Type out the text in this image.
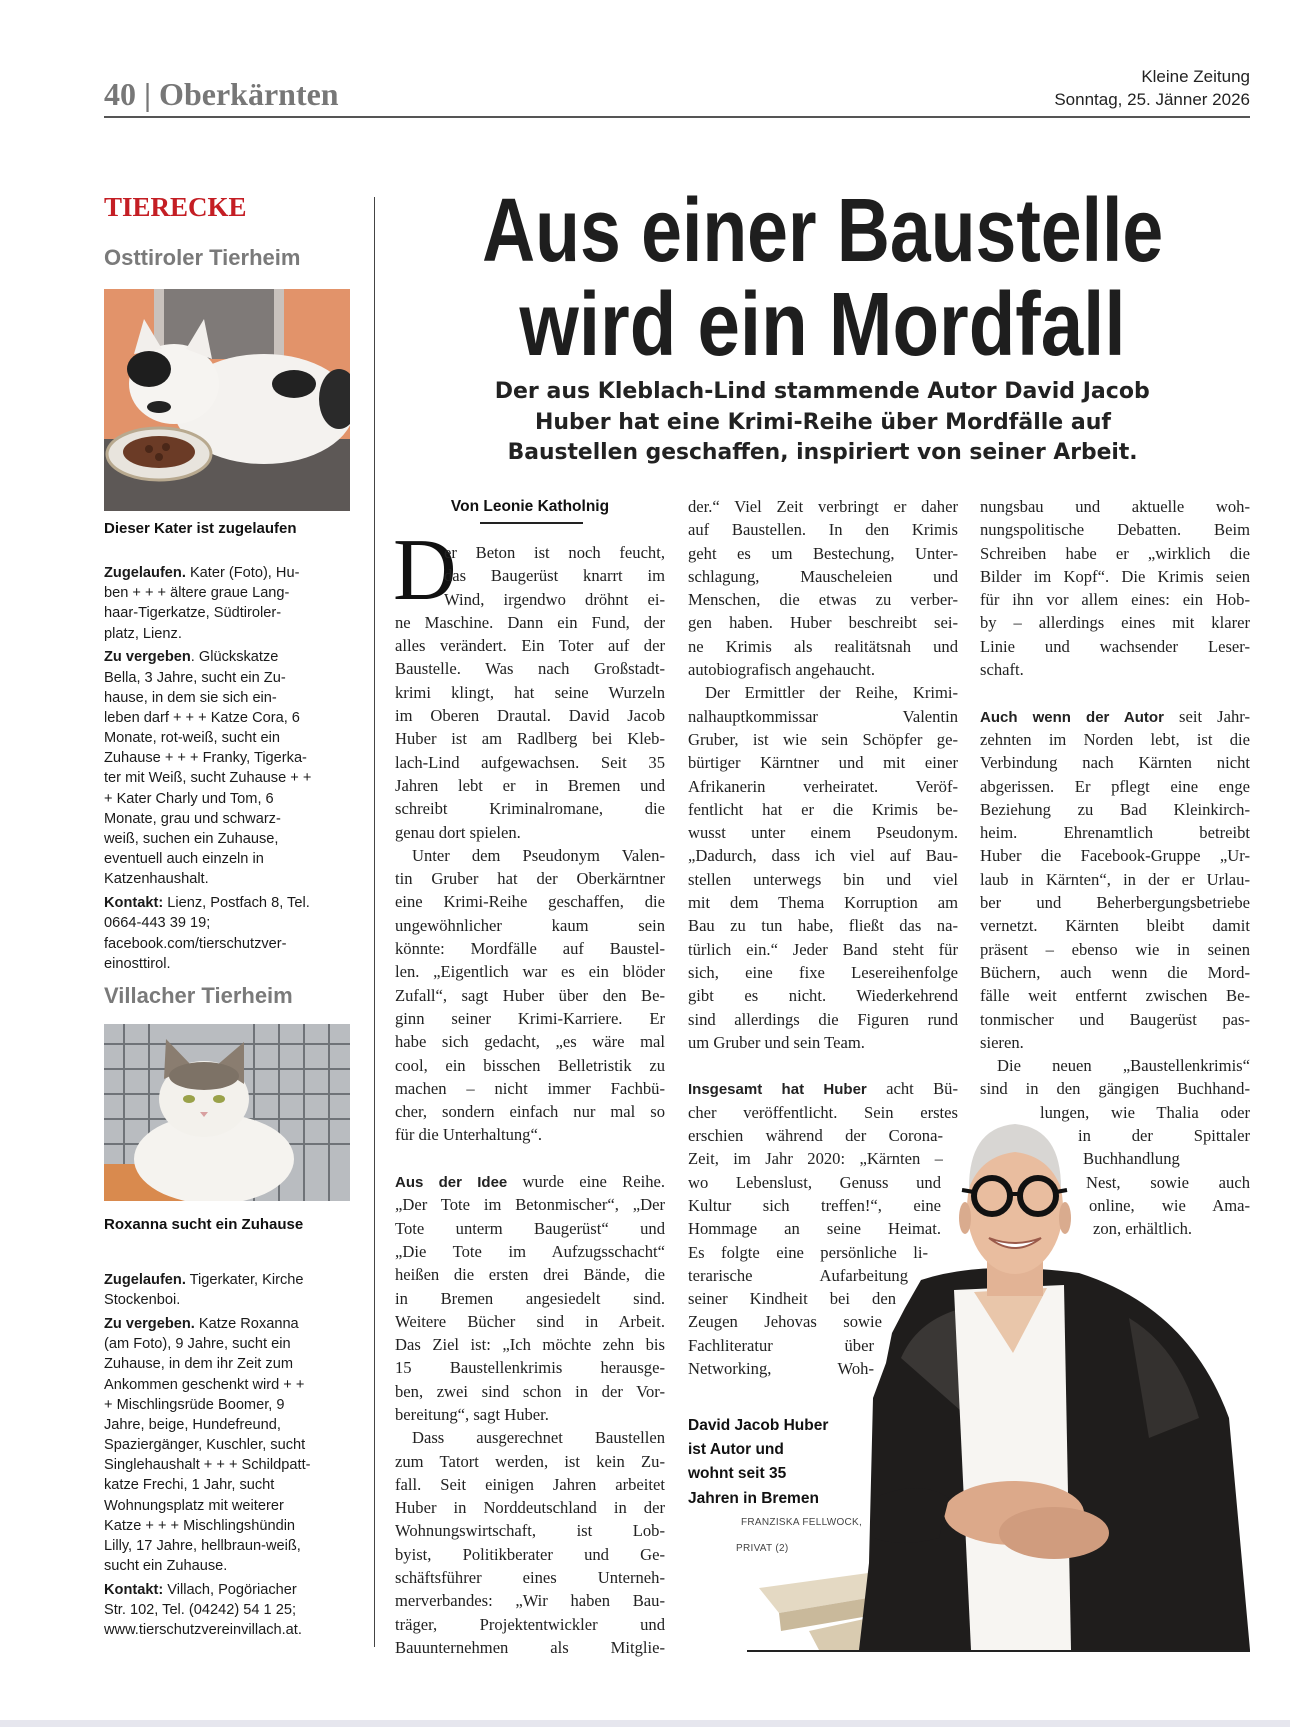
40 | Oberkärnten	Kleine Zeitung
Sonntag, 25. Jänner 2026
TIERECKE
Osttiroler Tierheim
Dieser Kater ist zugelaufen
Zugelaufen. Kater (Foto), Hu-
ben + + + ältere graue Lang-
haar-Tigerkatze, Südtiroler-
platz, Lienz.
Zu vergeben. Glückskatze
Bella, 3 Jahre, sucht ein Zu-
hause, in dem sie sich ein-
leben darf + + + Katze Cora, 6
Monate, rot-weiß, sucht ein
Zuhause + + + Franky, Tigerka-
ter mit Weiß, sucht Zuhause + +
+ Kater Charly und Tom, 6
Monate, grau und schwarz-
weiß, suchen ein Zuhause,
eventuell auch einzeln in
Katzenhaushalt.
Kontakt: Lienz, Postfach 8, Tel.
0664-443 39 19;
facebook.com/tierschutzver-
einosttirol.
Villacher Tierheim
Roxanna sucht ein Zuhause
Zugelaufen. Tigerkater, Kirche
Stockenboi.
Zu vergeben. Katze Roxanna
(am Foto), 9 Jahre, sucht ein
Zuhause, in dem ihr Zeit zum
Ankommen geschenkt wird + +
+ Mischlingsrüde Boomer, 9
Jahre, beige, Hundefreund,
Spaziergänger, Kuschler, sucht
Singlehaushalt + + + Schildpatt-
katze Frechi, 1 Jahr, sucht
Wohnungsplatz mit weiterer
Katze + + + Mischlingshündin
Lilly, 17 Jahre, hellbraun-weiß,
sucht ein Zuhause.
Kontakt: Villach, Pogöriacher
Str. 102, Tel. (04242) 54 1 25;
www.tierschutzvereinvillach.at.
Aus einer Baustelle
wird ein Mordfall
Der aus Kleblach-Lind stammende Autor David Jacob
Huber hat eine Krimi-Reihe über Mordfälle auf
Baustellen geschaffen, inspiriert von seiner Arbeit.
Von Leonie Katholnig
D
er Beton ist noch feucht,
das Baugerüst knarrt im
Wind, irgendwo dröhnt ei-
ne Maschine. Dann ein Fund, der
alles verändert. Ein Toter auf der
Baustelle. Was nach Großstadt-
krimi klingt, hat seine Wurzeln
im Oberen Drautal. David Jacob
Huber ist am Radlberg bei Kleb-
lach-Lind aufgewachsen. Seit 35
Jahren lebt er in Bremen und
schreibt Kriminalromane, die
genau dort spielen.
Unter dem Pseudonym Valen-
tin Gruber hat der Oberkärntner
eine Krimi-Reihe geschaffen, die
ungewöhnlicher kaum sein
könnte: Mordfälle auf Baustel-
len. „Eigentlich war es ein blöder
Zufall“, sagt Huber über den Be-
ginn seiner Krimi-Karriere. Er
habe sich gedacht, „es wäre mal
cool, ein bisschen Belletristik zu
machen – nicht immer Fachbü-
cher, sondern einfach nur mal so
für die Unterhaltung“.
Aus der Idee wurde eine Reihe.
„Der Tote im Betonmischer“, „Der
Tote unterm Baugerüst“ und
„Die Tote im Aufzugsschacht“
heißen die ersten drei Bände, die
in Bremen angesiedelt sind.
Weitere Bücher sind in Arbeit.
Das Ziel ist: „Ich möchte zehn bis
15 Baustellenkrimis herausge-
ben, zwei sind schon in der Vor-
bereitung“, sagt Huber.
Dass ausgerechnet Baustellen
zum Tatort werden, ist kein Zu-
fall. Seit einigen Jahren arbeitet
Huber in Norddeutschland in der
Wohnungswirtschaft, ist Lob-
byist, Politikberater und Ge-
schäftsführer eines Unterneh-
merverbandes: „Wir haben Bau-
träger, Projektentwickler und
Bauunternehmen als Mitglie-
der.“ Viel Zeit verbringt er daher
auf Baustellen. In den Krimis
geht es um Bestechung, Unter-
schlagung, Mauscheleien und
Menschen, die etwas zu verber-
gen haben. Huber beschreibt sei-
ne Krimis als realitätsnah und
autobiografisch angehaucht.
Der Ermittler der Reihe, Krimi-
nalhauptkommissar Valentin
Gruber, ist wie sein Schöpfer ge-
bürtiger Kärntner und mit einer
Afrikanerin verheiratet. Veröf-
fentlicht hat er die Krimis be-
wusst unter einem Pseudonym.
„Dadurch, dass ich viel auf Bau-
stellen unterwegs bin und viel
mit dem Thema Korruption am
Bau zu tun habe, fließt das na-
türlich ein.“ Jeder Band steht für
sich, eine fixe Lesereihenfolge
gibt es nicht. Wiederkehrend
sind allerdings die Figuren rund
um Gruber und sein Team.
Insgesamt hat Huber acht Bü-
cher veröffentlicht. Sein erstes
erschien während der Corona-
Zeit, im Jahr 2020: „Kärnten –
wo Lebenslust, Genuss und
Kultur sich treffen!“, eine
Hommage an seine Heimat.
Es folgte eine persönliche li-
terarische Aufarbeitung
seiner Kindheit bei den
Zeugen Jehovas sowie
Fachliteratur über
Networking, Woh-
nungsbau und aktuelle woh-
nungspolitische Debatten. Beim
Schreiben habe er „wirklich die
Bilder im Kopf“. Die Krimis seien
für ihn vor allem eines: ein Hob-
by – allerdings eines mit klarer
Linie und wachsender Leser-
schaft.
Auch wenn der Autor seit Jahr-
zehnten im Norden lebt, ist die
Verbindung nach Kärnten nicht
abgerissen. Er pflegt eine enge
Beziehung zu Bad Kleinkirch-
heim. Ehrenamtlich betreibt
Huber die Facebook-Gruppe „Ur-
laub in Kärnten“, in der er Urlau-
ber und Beherbergungsbetriebe
vernetzt. Kärnten bleibt damit
präsent – ebenso wie in seinen
Büchern, auch wenn die Mord-
fälle weit entfernt zwischen Be-
tonmischer und Baugerüst pas-
sieren.
Die neuen „Baustellenkrimis“
sind in den gängigen Buchhand-
lungen, wie Thalia oder
in der Spittaler
Buchhandlung
Nest, sowie auch
online, wie Ama-
zon, erhältlich.
David Jacob Huber
ist Autor und
wohnt seit 35
Jahren in Bremen
FRANZISKA FELLWOCK,
PRIVAT (2)
